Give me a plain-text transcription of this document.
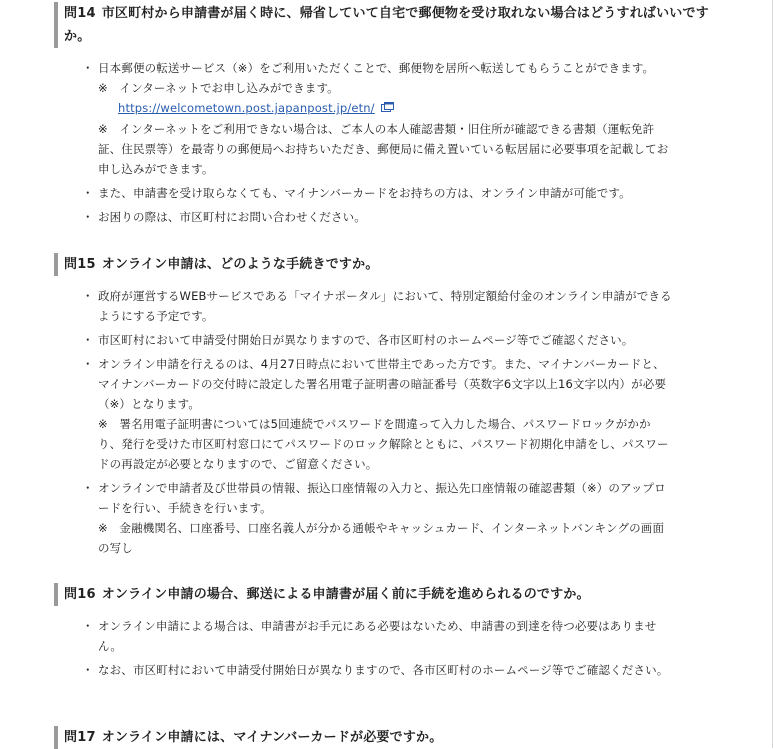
問14 市区町村から申請書が届く時に、帰省していて自宅で郵便物を受け取れない場合はどうすればいいですか。
・ 日本郵便の転送サービス（※）をご利用いただくことで、郵便物を居所へ転送してもらうことができます。
※　インターネットでお申し込みができます。
https://welcometown.post.japanpost.jp/etn/
※　インターネットをご利用できない場合は、ご本人の本人確認書類・旧住所が確認できる書類（運転免許証、住民票等）を最寄りの郵便局へお持ちいただき、郵便局に備え置いている転居届に必要事項を記載してお申し込みができます。
・ また、申請書を受け取らなくても、マイナンバーカードをお持ちの方は、オンライン申請が可能です。
・ お困りの際は、市区町村にお問い合わせください。
問15 オンライン申請は、どのような手続きですか。
・ 政府が運営するWEBサービスである「マイナポータル」において、特別定額給付金のオンライン申請ができるようにする予定です。
・ 市区町村において申請受付開始日が異なりますので、各市区町村のホームページ等でご確認ください。
・ オンライン申請を行えるのは、4月27日時点において世帯主であった方です。また、マイナンバーカードと、マイナンバーカードの交付時に設定した署名用電子証明書の暗証番号（英数字6文字以上16文字以内）が必要（※）となります。
※　署名用電子証明書については5回連続でパスワードを間違って入力した場合、パスワードロックがかかり、発行を受けた市区町村窓口にてパスワードのロック解除とともに、パスワード初期化申請をし、パスワードの再設定が必要となりますので、ご留意ください。
・ オンラインで申請者及び世帯員の情報、振込口座情報の入力と、振込先口座情報の確認書類（※）のアップロードを行い、手続きを行います。
※　金融機関名、口座番号、口座名義人が分かる通帳やキャッシュカード、インターネットバンキングの画面の写し
問16 オンライン申請の場合、郵送による申請書が届く前に手続を進められるのですか。
・ オンライン申請による場合は、申請書がお手元にある必要はないため、申請書の到達を待つ必要はありません。
・ なお、市区町村において申請受付開始日が異なりますので、各市区町村のホームページ等でご確認ください。
問17 オンライン申請には、マイナンバーカードが必要ですか。
